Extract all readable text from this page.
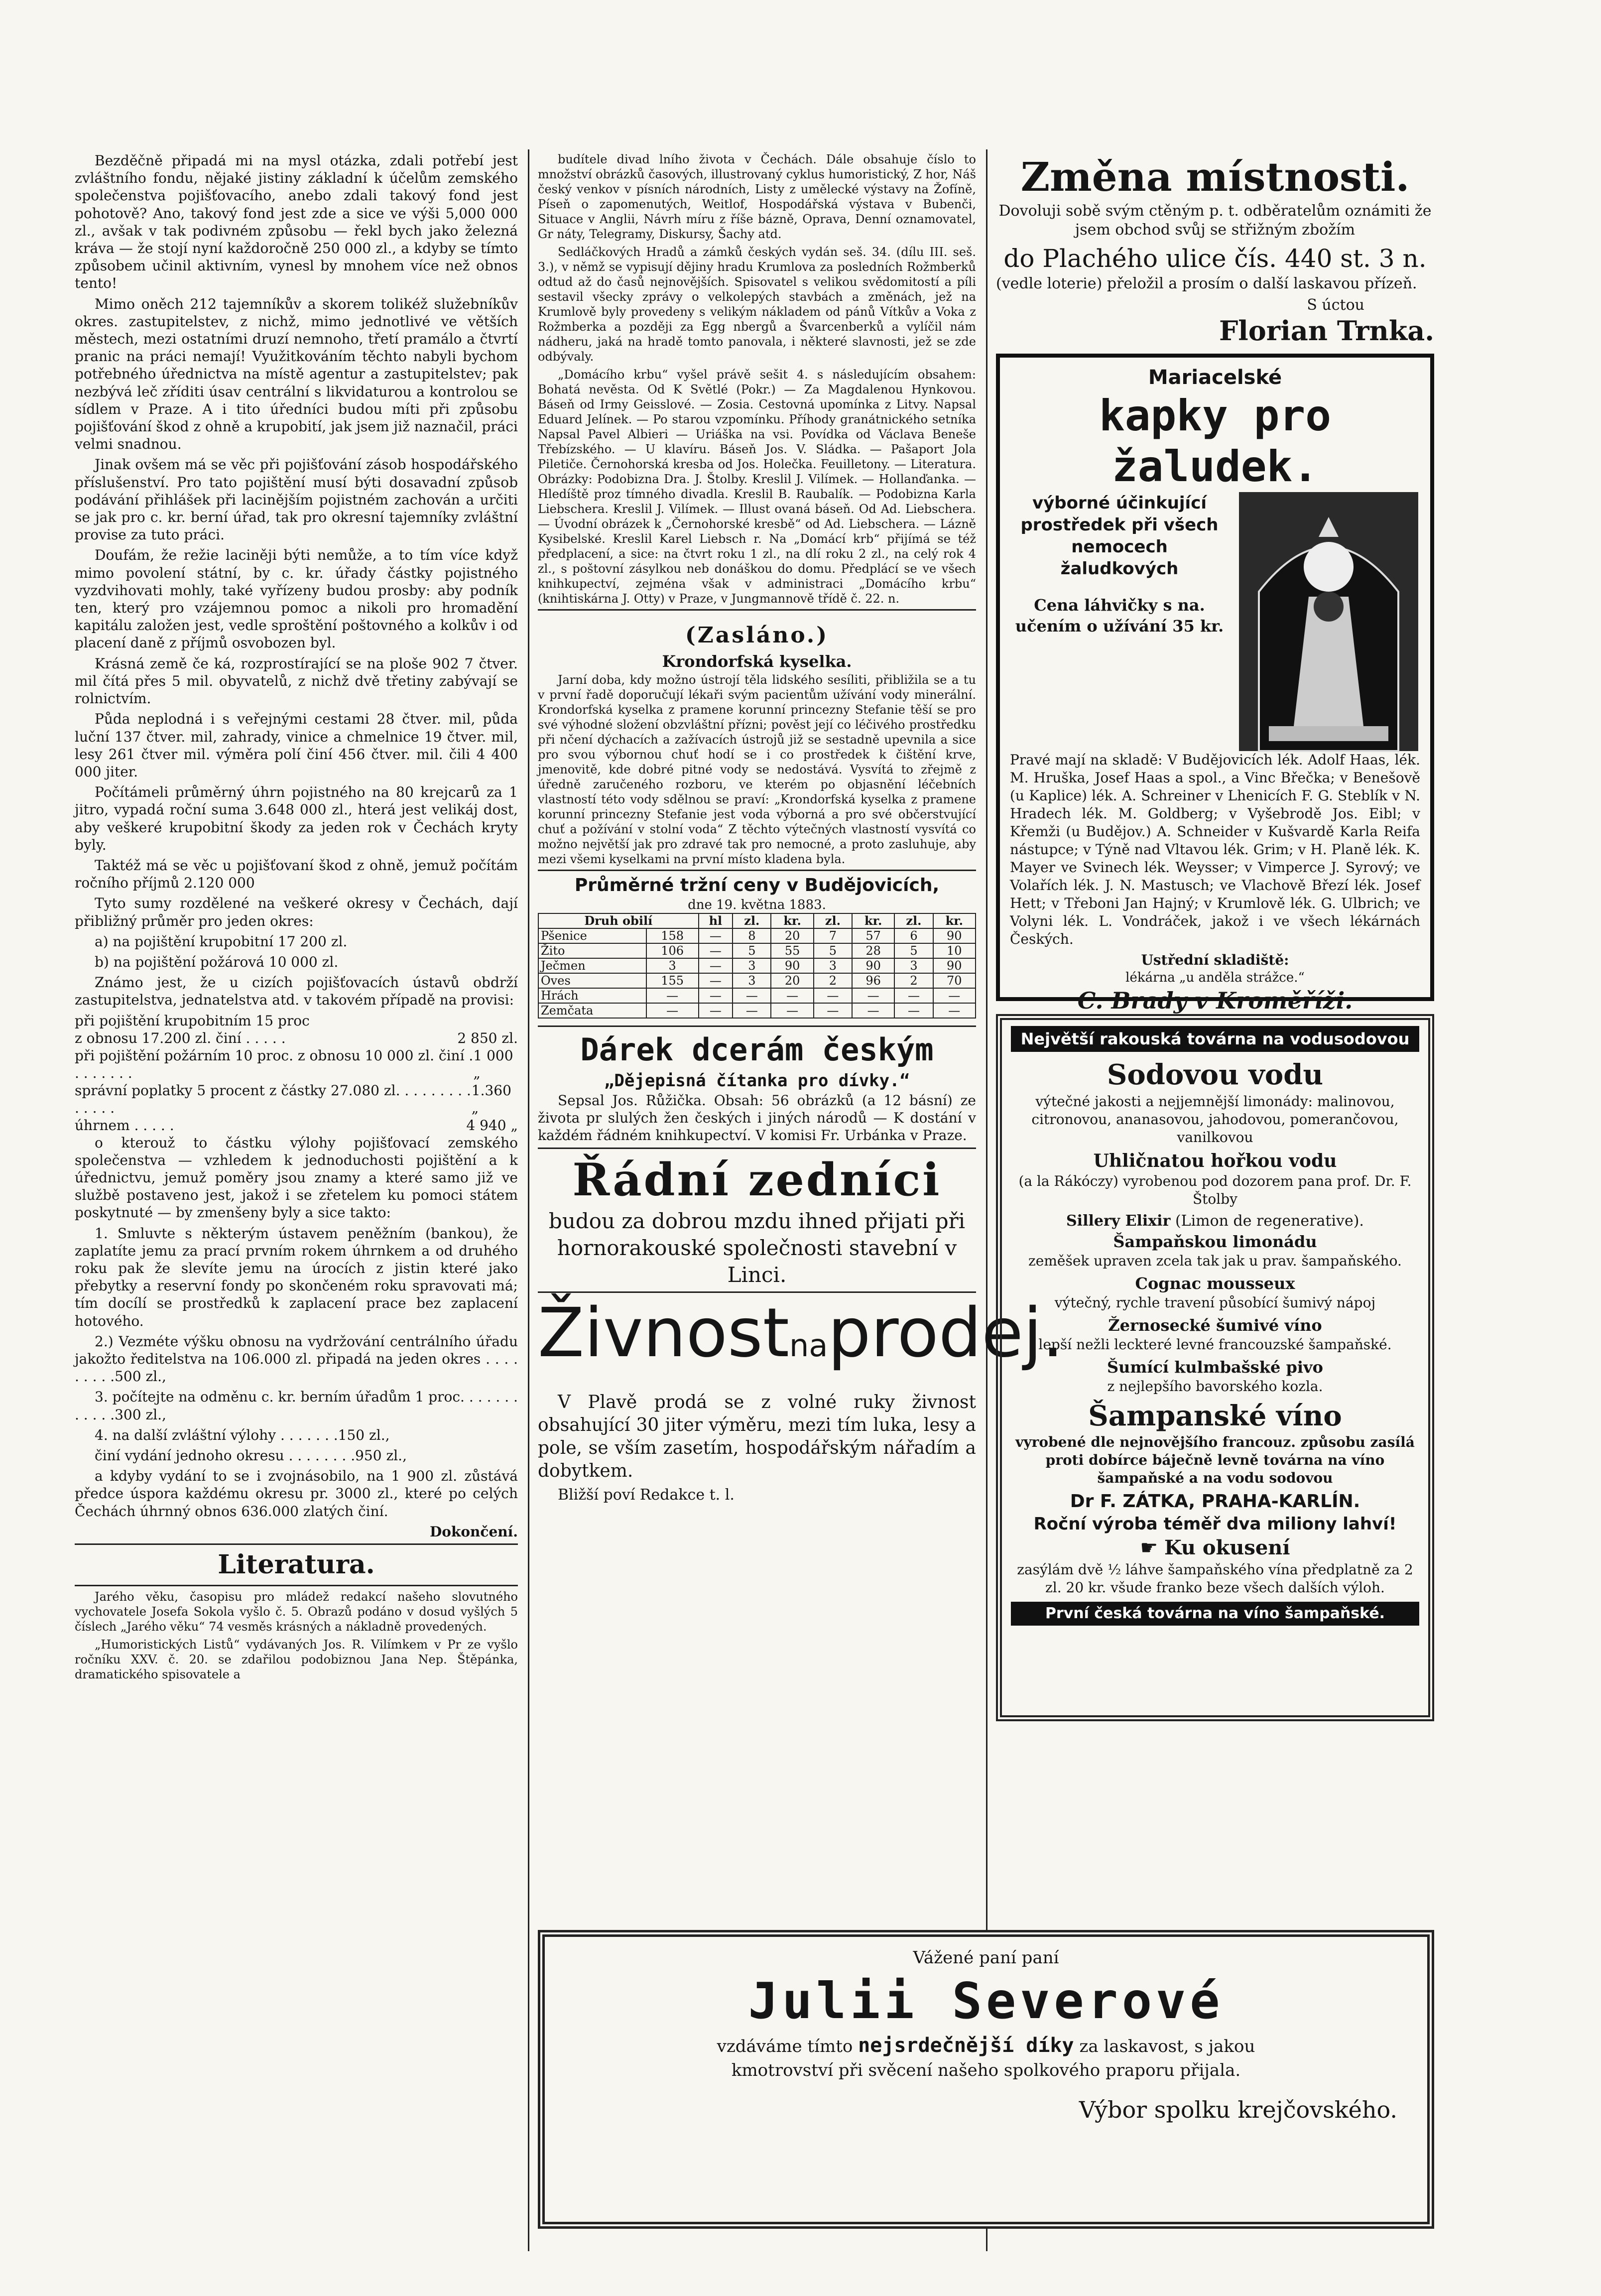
Bezděčně připadá mi na mysl otázka, zdali potřebí jest zvláštního fondu, nějaké jistiny základní k účelům zemského společenstva pojišťovacího, anebo zdali takový fond jest pohotově? Ano, takový fond jest zde a sice ve výši 5,000 000 zl., avšak v tak podivném způsobu — řekl bych jako železná kráva — že stojí nyní každoročně 250 000 zl., a kdyby se tímto způsobem učinil aktivním, vynesl by mnohem více než obnos tento!

Mimo oněch 212 tajemníkův a skorem tolikéž služebníkův okres. zastupitelstev, z nichž, mimo jednotlivé ve větších městech, mezi ostatními druzí nemnoho, třetí pramálo a čtvrtí pranic na práci nemají! Využitkováním těchto nabyli bychom potřebného úřednictva na místě agentur a zastupitelstev; pak nezbývá leč zříditi úsav centrální s likvidaturou a kontrolou se sídlem v Praze. A i tito úředníci budou míti při způsobu pojišťování škod z ohně a krupobití, jak jsem již naznačil, práci velmi snadnou.

Jinak ovšem má se věc při pojišťování zásob hospodářského příslušenství. Pro tato pojištění musí býti dosavadní způsob podávání přihlášek při lacinějším pojistném zachován a určiti se jak pro c. kr. berní úřad, tak pro okresní tajemníky zvláštní provise za tuto práci.

Doufám, že režie laciněji býti nemůže, a to tím více když mimo povolení státní, by c. kr. úřady částky pojistného vyzdvihovati mohly, také vyřízeny budou prosby: aby podník ten, který pro vzájemnou pomoc a nikoli pro hromadění kapitálu založen jest, vedle sproštění poštovného a kolkův i od placení daně z příjmů osvobozen byl.

Krásná země če ká, rozprostírající se na ploše 902 7 čtver. mil čítá přes 5 mil. obyvatelů, z nichž dvě třetiny zabývají se rolnictvím.

Půda neplodná i s veřejnými cestami 28 čtver. mil, půda luční 137 čtver. mil, zahrady, vinice a chmelnice 19 čtver. mil, lesy 261 čtver mil. výměra polí činí 456 čtver. mil. čili 4 400 000 jiter.

Počítámeli průměrný úhrn pojistného na 80 krejcarů za 1 jitro, vypadá roční suma 3.648 000 zl., hterá jest velikáj dost, aby veškeré krupobitní škody za jeden rok v Čechách kryty byly.

Taktéž má se věc u pojišťovaní škod z ohně, jemuž počítám ročního příjmů 2.120 000

Tyto sumy rozdělené na veškeré okresy v Čechách, dají přibližný průměr pro jeden okres:

a) na pojištění krupobitní 17 200 zl.

b) na pojištění požárová 10 000 zl.

Známo jest, že u cizích pojišťovacích ústavů obdrží zastupitelstva, jednatelstva atd. v takovém případě na provisi:

při pojištění krupobitním 15 proc
z obnosu 17.200 zl. činí . . . . .	2 850 zl.
při pojištění požárním 10 proc. z obnosu 10 000 zl. činí . . . . . . . .
1 000 „
správní poplatky 5 procent z částky 27.080 zl. . . . . . . . . . . . . .
1.360 „
úhrnem . . . . .	4 940 „

o kterouž to částku výlohy pojišťovací zemského společenstva — vzhledem k jednoduchosti pojištění a k úřednictvu, jemuž poměry jsou znamy a které samo již ve službě postaveno jest, jakož i se zřetelem ku pomoci státem poskytnuté — by zmenšeny byly a sice takto:

1. Smluvte s některým ústavem peněžním (bankou), že zaplatíte jemu za prací prvním rokem úhrnkem a od druhého roku pak že slevíte jemu na úrocích z jistin které jako přebytky a reservní fondy po skončeném roku spravovati má; tím docílí se prostředků k zaplacení prace bez zaplacení hotového.

2.) Vezméte výšku obnosu na vydržování centrálního úřadu jakožto ředitelstva na 106.000 zl. připadá na jeden okres . . . . . . . . .500 zl.,

3. počítejte na odměnu c. kr. berním úřadům 1 proc. . . . . . . . . . . .300 zl.,

4. na další zvláštní výlohy . . . . . . .150 zl.,

činí vydání jednoho okresu . . . . . . . .950 zl.,

a kdyby vydání to se i zvojnásobilo, na 1 900 zl. zůstává předce úspora každému okresu pr. 3000 zl., které po celých Čechách úhrnný obnos 636.000 zlatých činí.

Dokončení.
Literatura.

Jarého věku, časopisu pro mládež redakcí našeho slovutného vychovatele Josefa Sokola vyšlo č. 5. Obrazů podáno v dosud vyšlých 5 číslech „Jarého věku“ 74 vesměs krásných a nákladně provedených.

„Humoristických Listů“ vydávaných Jos. R. Vilímkem v Pr ze vyšlo ročníku XXV. č. 20. se zdařilou podobiznou Jana Nep. Štěpánka, dramatického spisovatele a

budítele divad lního života v Čechách. Dále obsahuje číslo to množství obrázků časových, illustrovaný cyklus humoristický, Z hor, Náš český venkov v písních národních, Listy z umělecké výstavy na Žofíně, Píseň o zapomenutých, Weitlof, Hospodářská výstava v Bubenči, Situace v Anglii, Návrh míru z říše bázně, Oprava, Denní oznamovatel, Gr náty, Telegramy, Diskursy, Šachy atd.

Sedláčkových Hradů a zámků českých vydán seš. 34. (dílu III. seš. 3.), v němž se vypisují dějiny hradu Krumlova za posledních Rožmberků odtud až do časů nejnovějších. Spisovatel s velikou svědomitostí a píli sestavil všecky zprávy o velkolepých stavbách a změnách, jež na Krumlově byly provedeny s velikým nákladem od pánů Vítkův a Voka z Rožmberka a později za Egg nbergů a Švarcenberků a vylíčil nám nádheru, jaká na hradě tomto panovala, i některé slavnosti, jež se zde odbývaly.

„Domácího krbu“ vyšel právě sešit 4. s následujícím obsahem: Bohatá nevěsta. Od K Světlé (Pokr.) — Za Magdalenou Hynkovou. Báseň od Irmy Geisslové. — Zosia. Cestovná upomínka z Litvy. Napsal Eduard Jelínek. — Po starou vzpomínku. Příhody granátnického setníka Napsal Pavel Albieri — Uriáška na vsi. Povídka od Václava Beneše Třebízského. — U klavíru. Báseň Jos. V. Sládka. — Pašaport Jola Piletiče. Černohorská kresba od Jos. Holečka. Feuilletony. — Literatura. Obrázky: Podobizna Dra. J. Štolby. Kreslil J. Vilímek. — Hollanďanka. — Hledíště proz tímného divadla. Kreslil B. Raubalík. — Podobizna Karla Liebschera. Kreslil J. Vilímek. — Illust ovaná báseň. Od Ad. Liebschera. — Úvodní obrázek k „Černohorské kresbě“ od Ad. Liebschera. — Lázně Kysibelské. Kreslil Karel Liebsch r. Na „Domácí krb“ přijímá se též předplacení, a sice: na čtvrt roku 1 zl., na dlí roku 2 zl., na celý rok 4 zl., s poštovní zásylkou neb donáškou do domu. Předplácí se ve všech knihkupectví, zejména však v administraci „Domácího krbu“ (knihtiskárna J. Otty) v Praze, v Jungmannově třídě č. 22. n.

(Zasláno.)
Krondorfská kyselka.

Jarní doba, kdy možno ústrojí těla lidského sesíliti, přibližila se a tu v první řadě doporučují lékaři svým pacientům užívání vody minerální. Krondorfská kyselka z pramene korunní princezny Stefanie těší se pro své výhodné složení obzvláštní přízni; pověst její co léčivého prostředku při nčení dýchacích a zažívacích ústrojů již se sestadně upevnila a sice pro svou výbornou chuť hodí se i co prostředek k čištění krve, jmenovitě, kde dobré pitné vody se nedostává. Vysvítá to zřejmě z úředně zaručeného rozboru, ve kterém po objasnění léčebních vlastností této vody sdělnou se praví: „Krondorfská kyselka z pramene korunní princezny Stefanie jest voda výborná a pro své občerstvující chuť a požívání v stolní voda“ Z těchto výtečných vlastností vysvítá co možno největší jak pro zdravé tak pro nemocné, a proto zasluhuje, aby mezi všemi kyselkami na první místo kladena byla.

Průměrné tržní ceny v Budějovicích,
dne 19. května 1883.
Druh obilí		hl	zl.	kr.	zl.	kr.	zl.	kr.
Pšenice	158	—	8	20	7	57	6	90
Žito	106	—	5	55	5	28	5	10
Ječmen	3	—	3	90	3	90	3	90
Oves	155	—	3	20	2	96	2	70
Hrách	—	—	—	—	—	—	—	—
Zemčata	—	—	—	—	—	—	—	—
Dárek dcerám českým
„Dějepisná čítanka pro dívky.“

Sepsal Jos. Růžička. Obsah: 56 obrázků (a 12 básní) ze života pr slulých žen českých i jiných národů — K dostání v každém řádném knihkupectví. V komisi Fr. Urbánka v Praze.

Řádní zedníci

budou za dobrou mzdu ihned přijati při hornorakouské společnosti stavební v Linci.

Živnostnaprodej.

V Plavě prodá se z volné ruky živnost obsahující 30 jiter výměru, mezi tím luka, lesy a pole, se vším zasetím, hospodářským nářadím a dobytkem.

Bližší poví Redakce t. l.

Změna místnosti.

Dovoluji sobě svým ctěným p. t. odběratelům oznámiti že jsem obchod svůj se střižným zbožím

do Plachého ulice čís. 440 st. 3 n.

(vedle loterie) přeložil a prosím o další laskavou přízeň.

S úctou
Florian Trnka.
Mariacelské
kapky pro žaludek.
výborné účinkující
prostředek při všech
nemocech žaludkových
Cena láhvičky s na. učením o užívání 35 kr.

Pravé mají na skladě: V Budějovicích lék. Adolf Haas, lék. M. Hruška, Josef Haas a spol., a Vinc Břečka; v Benešově (u Kaplice) lék. A. Schreiner v Lhenicích F. G. Steblík v N. Hradech lék. M. Goldberg; v Vyšebrodě Jos. Eibl; v Křemži (u Budějov.) A. Schneider v Kušvardě Karla Reifa nástupce; v Týně nad Vltavou lék. Grim; v H. Planě lék. K. Mayer ve Svinech lék. Weysser; v Vimperce J. Syrový; ve Volařích lék. J. N. Mastusch; ve Vlachově Březí lék. Josef Hett; v Třeboni Jan Hajný; v Krumlově lék. G. Ulbrich; ve Volyni lék. L. Vondráček, jakož i ve všech lékárnách Českých.

Ustřední skladiště:
lékárna „u anděla strážce.“
C. Brady v Kroměříži.
Největší rakouská továrna na vodusodovou
Sodovou vodu

výtečné jakosti a nejjemnější limonády: malinovou, citronovou, ananasovou, jahodovou, pomerančovou, vanilkovou

Uhličnatou hořkou vodu

(a la Rákóczy) vyrobenou pod dozorem pana prof. Dr. F. Štolby

Sillery Elixir (Limon de regenerative).
Šampaňskou limonádu

zeměšek upraven zcela tak jak u prav. šampaňského.

Cognac mousseux

výtečný, rychle travení působící šumivý nápoj

Žernosecké šumivé víno

lepší nežli leckteré levné francouzské šampaňské.

Šumící kulmbašské pivo

z nejlepšího bavorského kozla.

Šampanské víno

vyrobené dle nejnovějšího francouz. způsobu zasílá proti dobírce báječně levně továrna na víno šampaňské a na vodu sodovou

Dr F. ZÁTKA, PRAHA-KARLÍN.
Roční výroba téměř dva miliony lahví!
☛ Ku okusení

zasýlám dvě ½ láhve šampaňského vína předplatně za 2 zl. 20 kr. všude franko beze všech dalších výloh.

První česká továrna na víno šampaňské.
Vážené paní paní
Julii Severové
vzdáváme tímto nejsrdečnější díky za laskavost, s jakou
kmotrovství při svěcení našeho spolkového praporu přijala.
Výbor spolku krejčovského.
